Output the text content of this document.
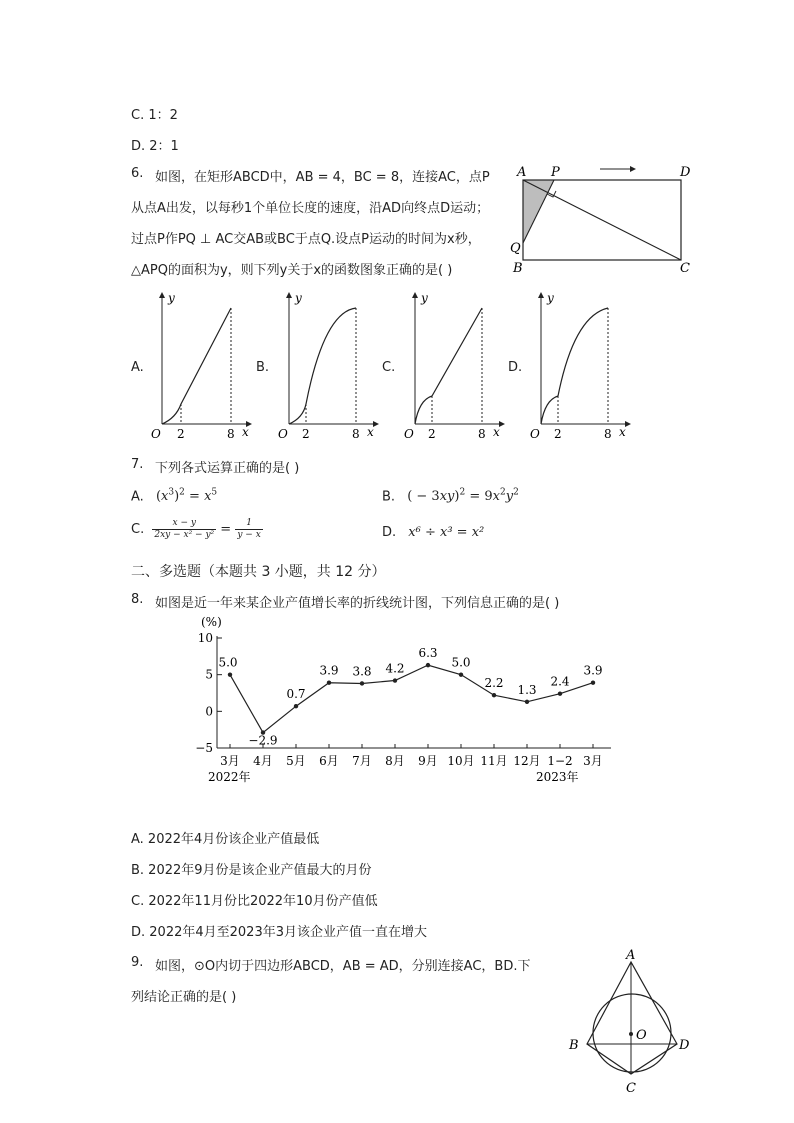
C. 1：2
D. 2：1
6. 如图，在矩形ABCD中，AB = 4，BC = 8，连接AC，点P
从点A出发，以每秒1个单位长度的速度，沿AD向终点D运动；
过点P作PQ ⊥ AC交AB或BC于点Q.设点P运动的时间为x秒，
△APQ的面积为y，则下列y关于x的函数图象正确的是( )
A P	D
Q
B	C
A.
y
O 2	8 x
B.
y
O 2	8 x
C.
y
O 2	8 x
D.
y
O 2	8 x
7. 下列各式运算正确的是( )
A. $(x^3)^2 = x^5$	B. ( − $3xy)^2 = 9x^2y^2$
C. $\frac{x - y}{\text{2xy − x² − y²}} = \frac{1}{y - x}$	D. x⁶ ÷ x³ = x²
二、多选题（本题共 3 小题，共 12 分）
8. 如图是近一年来某企业产值增长率的折线统计图，下列信息正确的是( )
(%)
10
5
0
−5
3月 4月 5月 6月 7月 8月 9月 10月 11月 12月 1−2 3月
2022年	2023年
5.0
−2.9
0.7
3.9 3.8 4.2
6.3
5.0
2.2 1.3
2.4
3.9
A. 2022年4月份该企业产值最低
B. 2022年9月份是该企业产值最大的月份
C. 2022年11月份比2022年10月份产值低
D. 2022年4月至2023年3月该企业产值一直在增大
9. 如图，⊙O内切于四边形ABCD，AB = AD，分别连接AC，BD.下
列结论正确的是( )
A
B
C
D
O
